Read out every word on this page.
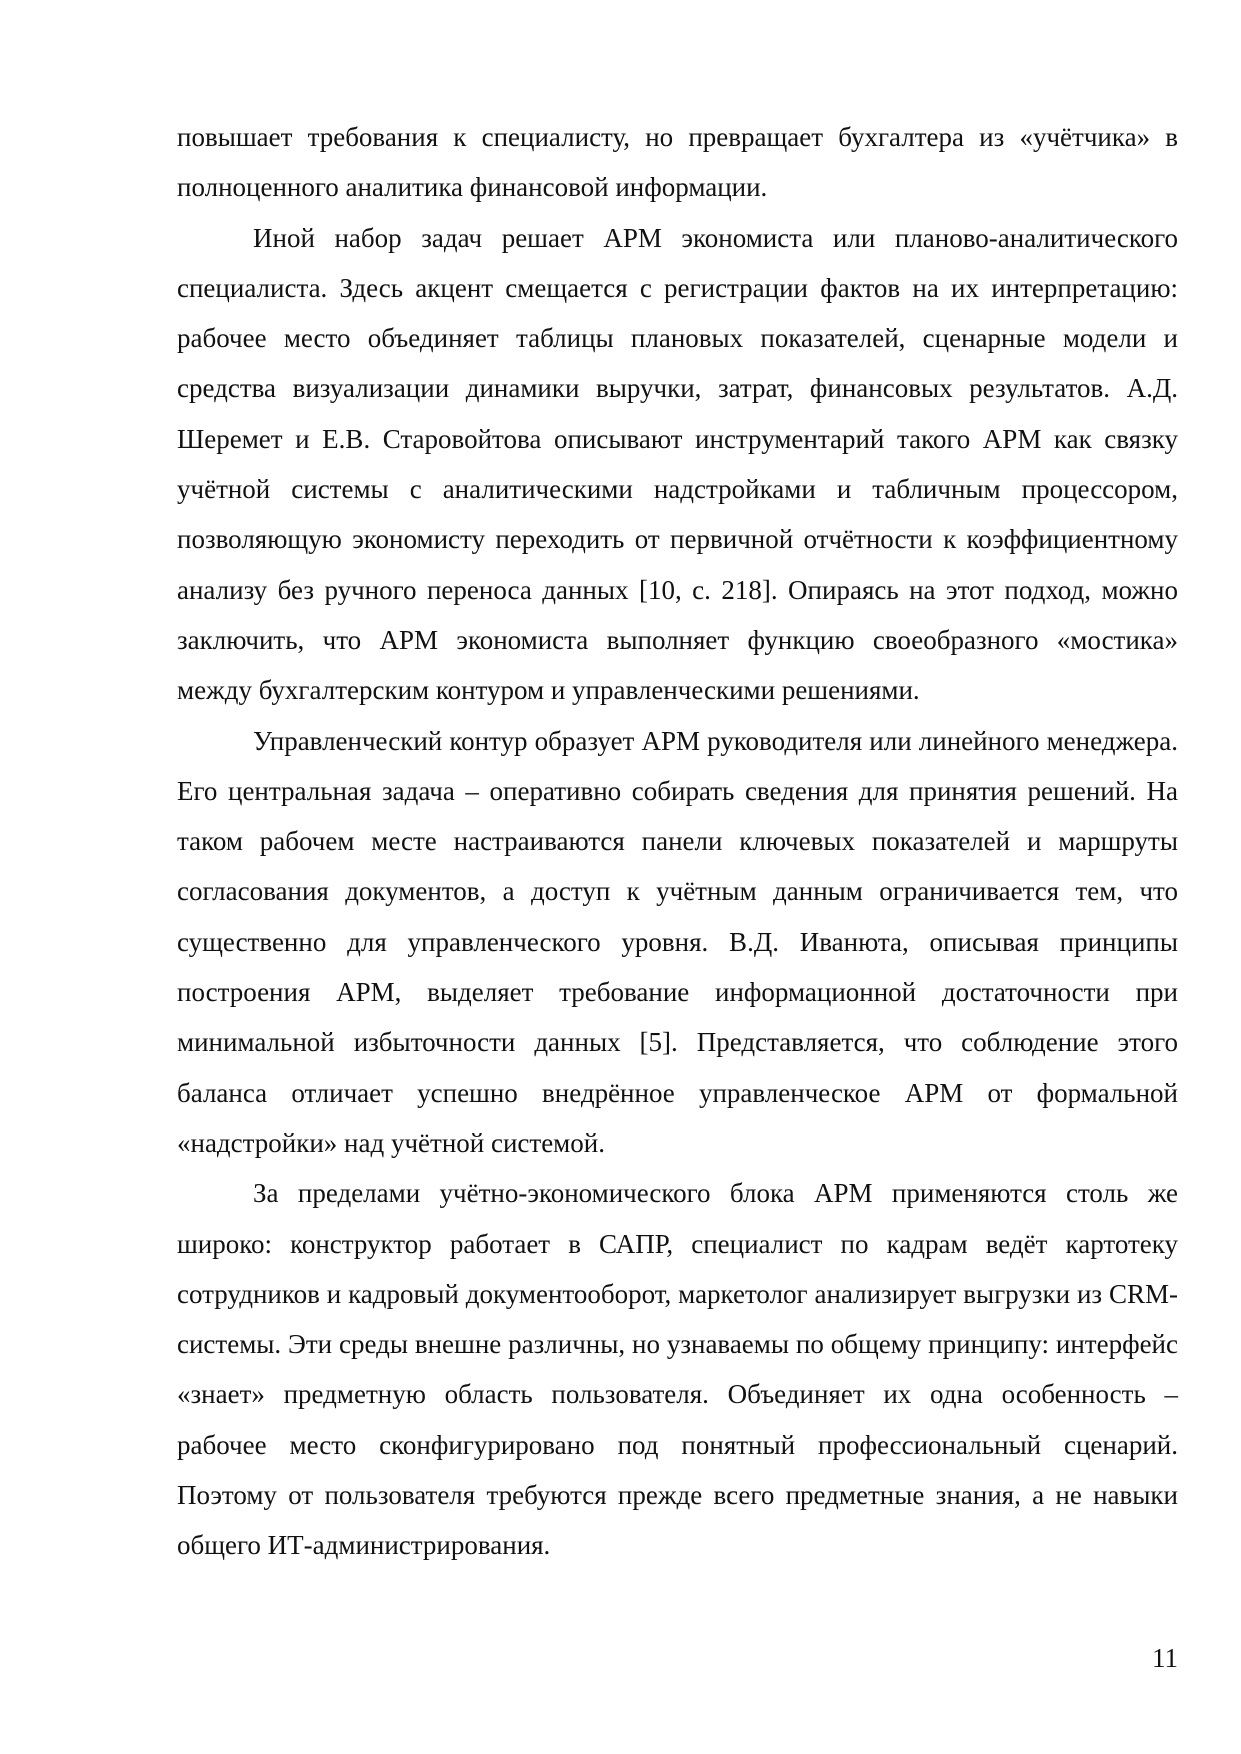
повышает требования к специалисту, но превращает бухгалтера из «учётчика» в полноценного аналитика финансовой информации.

Иной набор задач решает АРМ экономиста или планово-аналитического специалиста. Здесь акцент смещается с регистрации фактов на их интерпретацию: рабочее место объединяет таблицы плановых показателей, сценарные модели и средства визуализации динамики выручки, затрат, финансовых результатов. А.Д. Шеремет и Е.В. Старовойтова описывают инструментарий такого АРМ как связку учётной системы с аналитическими надстройками и табличным процессором, позволяющую экономисту переходить от первичной отчётности к коэффициентному анализу без ручного переноса данных [10, с. 218]. Опираясь на этот подход, можно заключить, что АРМ экономиста выполняет функцию своеобразного «мостика» между бухгалтерским контуром и управленческими решениями.

Управленческий контур образует АРМ руководителя или линейного менеджера. Его центральная задача – оперативно собирать сведения для принятия решений. На таком рабочем месте настраиваются панели ключевых показателей и маршруты согласования документов, а доступ к учётным данным ограничивается тем, что существенно для управленческого уровня. В.Д. Иванюта, описывая принципы построения АРМ, выделяет требование информационной достаточности при минимальной избыточности данных [5]. Представляется, что соблюдение этого баланса отличает успешно внедрённое управленческое АРМ от формальной «надстройки» над учётной системой.

За пределами учётно-экономического блока АРМ применяются столь же широко: конструктор работает в САПР, специалист по кадрам ведёт картотеку сотрудников и кадровый документооборот, маркетолог анализирует выгрузки из CRM-системы. Эти среды внешне различны, но узнаваемы по общему принципу: интерфейс «знает» предметную область пользователя. Объединяет их одна особенность – рабочее место сконфигурировано под понятный профессиональный сценарий. Поэтому от пользователя требуются прежде всего предметные знания, а не навыки общего ИТ-администрирования.

11
